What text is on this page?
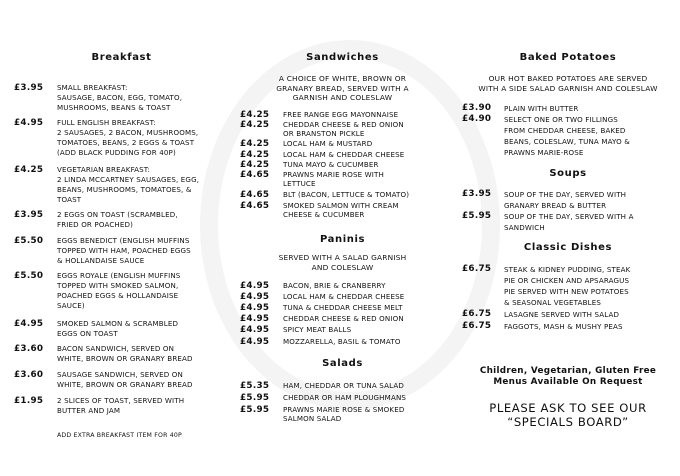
Breakfast
£3.95 SMALL BREAKFAST:
SAUSAGE, BACON, EGG, TOMATO,
MUSHROOMS, BEANS & TOAST
£4.95 FULL ENGLISH BREAKFAST:
2 SAUSAGES, 2 BACON, MUSHROOMS,
TOMATOES, BEANS, 2 EGGS & TOAST
(ADD BLACK PUDDING FOR 40P)
£4.25 VEGETARIAN BREAKFAST:
2 LINDA MCCARTNEY SAUSAGES, EGG,
BEANS, MUSHROOMS, TOMATOES, &
TOAST
£3.95 2 EGGS ON TOAST (SCRAMBLED,
FRIED OR POACHED)
£5.50 EGGS BENEDICT (ENGLISH MUFFINS
TOPPED WITH HAM, POACHED EGGS
& HOLLANDAISE SAUCE
£5.50 EGGS ROYALE (ENGLISH MUFFINS
TOPPED WITH SMOKED SALMON,
POACHED EGGS & HOLLANDAISE
SAUCE)
£4.95 SMOKED SALMON & SCRAMBLED
EGGS ON TOAST
£3.60 BACON SANDWICH, SERVED ON
WHITE, BROWN OR GRANARY BREAD
£3.60 SAUSAGE SANDWICH, SERVED ON
WHITE, BROWN OR GRANARY BREAD
£1.95 2 SLICES OF TOAST, SERVED WITH
BUTTER AND JAM
ADD EXTRA BREAKFAST ITEM FOR 40P
Sandwiches
A CHOICE OF WHITE, BROWN OR
GRANARY BREAD, SERVED WITH A
GARNISH AND COLESLAW
£4.25 FREE RANGE EGG MAYONNAISE
£4.25 CHEDDAR CHEESE & RED ONION
OR BRANSTON PICKLE
£4.25 LOCAL HAM & MUSTARD
£4.25 LOCAL HAM & CHEDDAR CHEESE
£4.25 TUNA MAYO & CUCUMBER
£4.65 PRAWNS MARIE ROSE WITH
LETTUCE
£4.65 BLT (BACON, LETTUCE & TOMATO)
£4.65 SMOKED SALMON WITH CREAM
CHEESE & CUCUMBER
Paninis
SERVED WITH A SALAD GARNISH
AND COLESLAW
£4.95 BACON, BRIE & CRANBERRY
£4.95 LOCAL HAM & CHEDDAR CHEESE
£4.95 TUNA & CHEDDAR CHEESE MELT
£4.95 CHEDDAR CHEESE & RED ONION
£4.95 SPICY MEAT BALLS
£4.95 MOZZARELLA, BASIL & TOMATO
Salads
£5.35 HAM, CHEDDAR OR TUNA SALAD
£5.95 CHEDDAR OR HAM PLOUGHMANS
£5.95 PRAWNS MARIE ROSE & SMOKED
SALMON SALAD
Baked Potatoes
OUR HOT BAKED POTATOES ARE SERVED
WITH A SIDE SALAD GARNISH AND COLESLAW
£3.90 PLAIN WITH BUTTER
£4.90 SELECT ONE OR TWO FILLINGS
FROM CHEDDAR CHEESE, BAKED
BEANS, COLESLAW, TUNA MAYO &
PRAWNS MARIE-ROSE
Soups
£3.95 SOUP OF THE DAY, SERVED WITH
GRANARY BREAD & BUTTER
£5.95 SOUP OF THE DAY, SERVED WITH A
SANDWICH
Classic Dishes
£6.75 STEAK & KIDNEY PUDDING, STEAK
PIE OR CHICKEN AND APSARAGUS
PIE SERVED WITH NEW POTATOES
& SEASONAL VEGETABLES
£6.75 LASAGNE SERVED WITH SALAD
£6.75 FAGGOTS, MASH & MUSHY PEAS
Children, Vegetarian, Gluten Free
Menus Available On Request
PLEASE ASK TO SEE OUR
“SPECIALS BOARD”
